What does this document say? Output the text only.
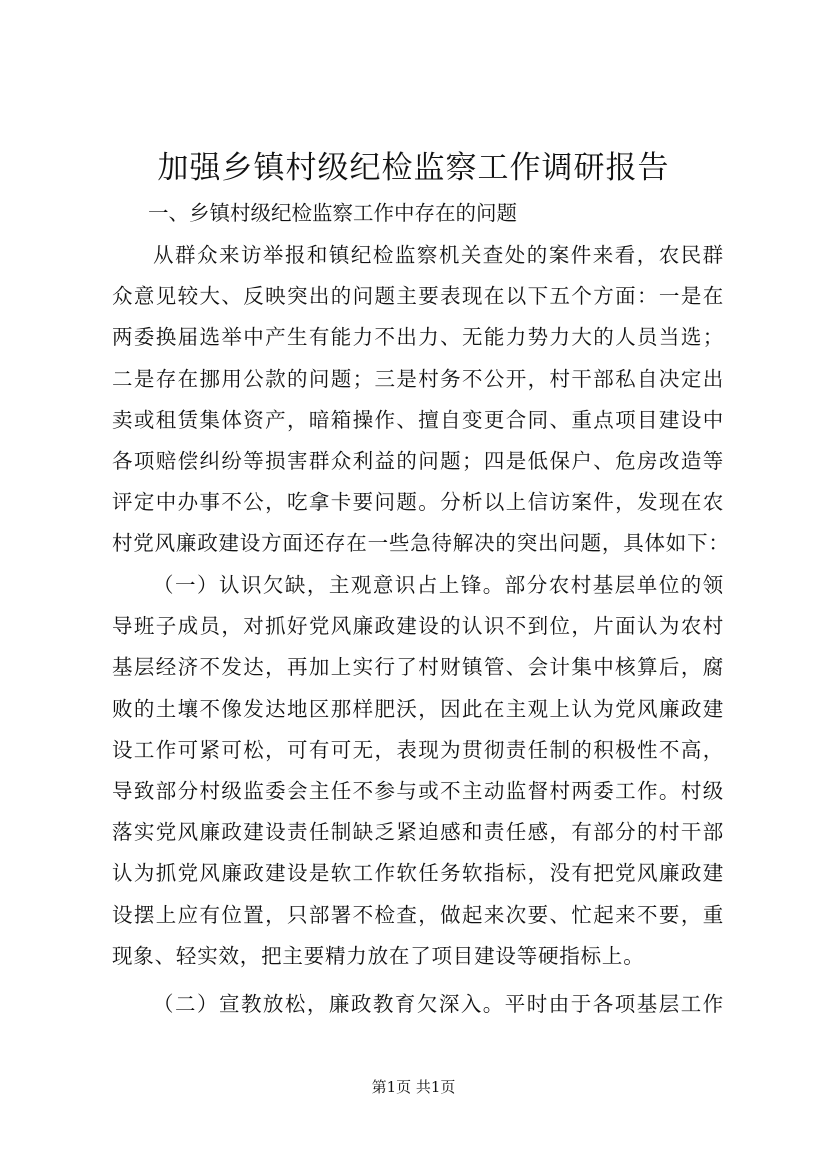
加强乡镇村级纪检监察工作调研报告
一、乡镇村级纪检监察工作中存在的问题
从群众来访举报和镇纪检监察机关查处的案件来看，农民群
众意见较大、反映突出的问题主要表现在以下五个方面：一是在
两委换届选举中产生有能力不出力、无能力势力大的人员当选；
二是存在挪用公款的问题；三是村务不公开，村干部私自决定出
卖或租赁集体资产，暗箱操作、擅自变更合同、重点项目建设中
各项赔偿纠纷等损害群众利益的问题；四是低保户、危房改造等
评定中办事不公，吃拿卡要问题。分析以上信访案件，发现在农
村党风廉政建设方面还存在一些急待解决的突出问题，具体如下：
（一）认识欠缺，主观意识占上锋。部分农村基层单位的领
导班子成员，对抓好党风廉政建设的认识不到位，片面认为农村
基层经济不发达，再加上实行了村财镇管、会计集中核算后，腐
败的土壤不像发达地区那样肥沃，因此在主观上认为党风廉政建
设工作可紧可松，可有可无，表现为贯彻责任制的积极性不高，
导致部分村级监委会主任不参与或不主动监督村两委工作。村级
落实党风廉政建设责任制缺乏紧迫感和责任感，有部分的村干部
认为抓党风廉政建设是软工作软任务软指标，没有把党风廉政建
设摆上应有位置，只部署不检查，做起来次要、忙起来不要，重
现象、轻实效，把主要精力放在了项目建设等硬指标上。
（二）宣教放松，廉政教育欠深入。平时由于各项基层工作
第1页 共1页
